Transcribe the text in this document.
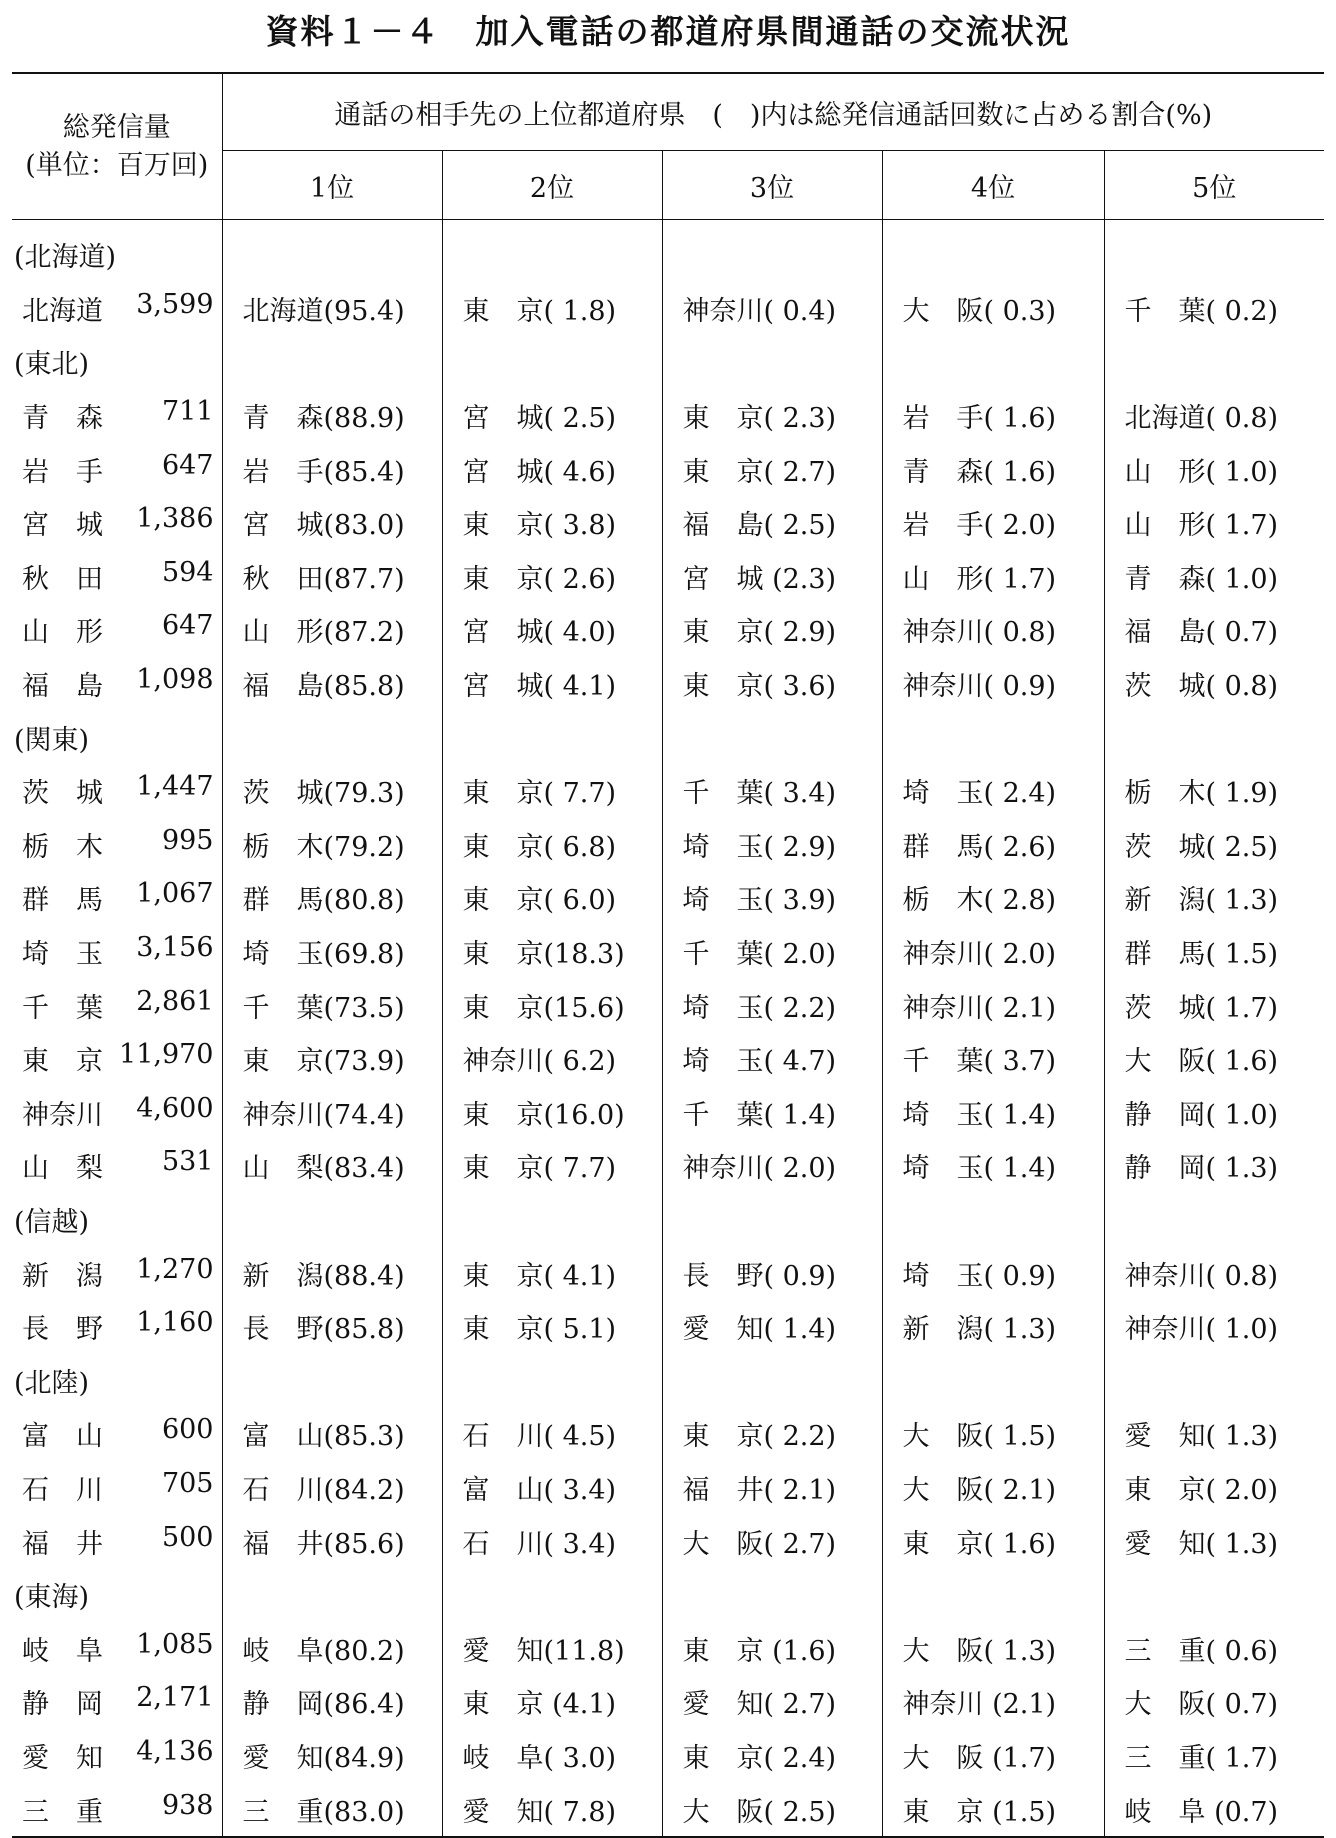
資料１－４　加入電話の都道府県間通話の交流状況
総発信量
(単位：百万回)	通話の相手先の上位都道府県　(　)内は総発信通話回数に占める割合(%)				
	1位	2位	3位	4位	5位

(北海道)					

北海道 3,599	北海道(95.4)	東　京( 1.8)	神奈川( 0.4)	大　阪( 0.3)	千　葉( 0.2)
(東北)					

青　森 711	青　森(88.9)	宮　城( 2.5)	東　京( 2.3)	岩　手( 1.6)	北海道( 0.8)

岩　手 647	岩　手(85.4)	宮　城( 4.6)	東　京( 2.7)	青　森( 1.6)	山　形( 1.0)

宮　城 1,386	宮　城(83.0)	東　京( 3.8)	福　島( 2.5)	岩　手( 2.0)	山　形( 1.7)

秋　田 594	秋　田(87.7)	東　京( 2.6)	宮　城 (2.3)	山　形( 1.7)	青　森( 1.0)

山　形 647	山　形(87.2)	宮　城( 4.0)	東　京( 2.9)	神奈川( 0.8)	福　島( 0.7)

福　島 1,098	福　島(85.8)	宮　城( 4.1)	東　京( 3.6)	神奈川( 0.9)	茨　城( 0.8)
(関東)					

茨　城 1,447	茨　城(79.3)	東　京( 7.7)	千　葉( 3.4)	埼　玉( 2.4)	栃　木( 1.9)

栃　木 995	栃　木(79.2)	東　京( 6.8)	埼　玉( 2.9)	群　馬( 2.6)	茨　城( 2.5)

群　馬 1,067	群　馬(80.8)	東　京( 6.0)	埼　玉( 3.9)	栃　木( 2.8)	新　潟( 1.3)

埼　玉 3,156	埼　玉(69.8)	東　京(18.3)	千　葉( 2.0)	神奈川( 2.0)	群　馬( 1.5)

千　葉 2,861	千　葉(73.5)	東　京(15.6)	埼　玉( 2.2)	神奈川( 2.1)	茨　城( 1.7)

東　京 11,970	東　京(73.9)	神奈川( 6.2)	埼　玉( 4.7)	千　葉( 3.7)	大　阪( 1.6)

神奈川 4,600	神奈川(74.4)	東　京(16.0)	千　葉( 1.4)	埼　玉( 1.4)	静　岡( 1.0)

山　梨 531	山　梨(83.4)	東　京( 7.7)	神奈川( 2.0)	埼　玉( 1.4)	静　岡( 1.3)
(信越)					

新　潟 1,270	新　潟(88.4)	東　京( 4.1)	長　野( 0.9)	埼　玉( 0.9)	神奈川( 0.8)

長　野 1,160	長　野(85.8)	東　京( 5.1)	愛　知( 1.4)	新　潟( 1.3)	神奈川( 1.0)
(北陸)					

富　山 600	富　山(85.3)	石　川( 4.5)	東　京( 2.2)	大　阪( 1.5)	愛　知( 1.3)

石　川 705	石　川(84.2)	富　山( 3.4)	福　井( 2.1)	大　阪( 2.1)	東　京( 2.0)

福　井 500	福　井(85.6)	石　川( 3.4)	大　阪( 2.7)	東　京( 1.6)	愛　知( 1.3)
(東海)					

岐　阜 1,085	岐　阜(80.2)	愛　知(11.8)	東　京 (1.6)	大　阪( 1.3)	三　重( 0.6)

静　岡 2,171	静　岡(86.4)	東　京 (4.1)	愛　知( 2.7)	神奈川 (2.1)	大　阪( 0.7)

愛　知 4,136	愛　知(84.9)	岐　阜( 3.0)	東　京( 2.4)	大　阪 (1.7)	三　重( 1.7)

三　重 938	三　重(83.0)	愛　知( 7.8)	大　阪( 2.5)	東　京 (1.5)	岐　阜 (0.7)
